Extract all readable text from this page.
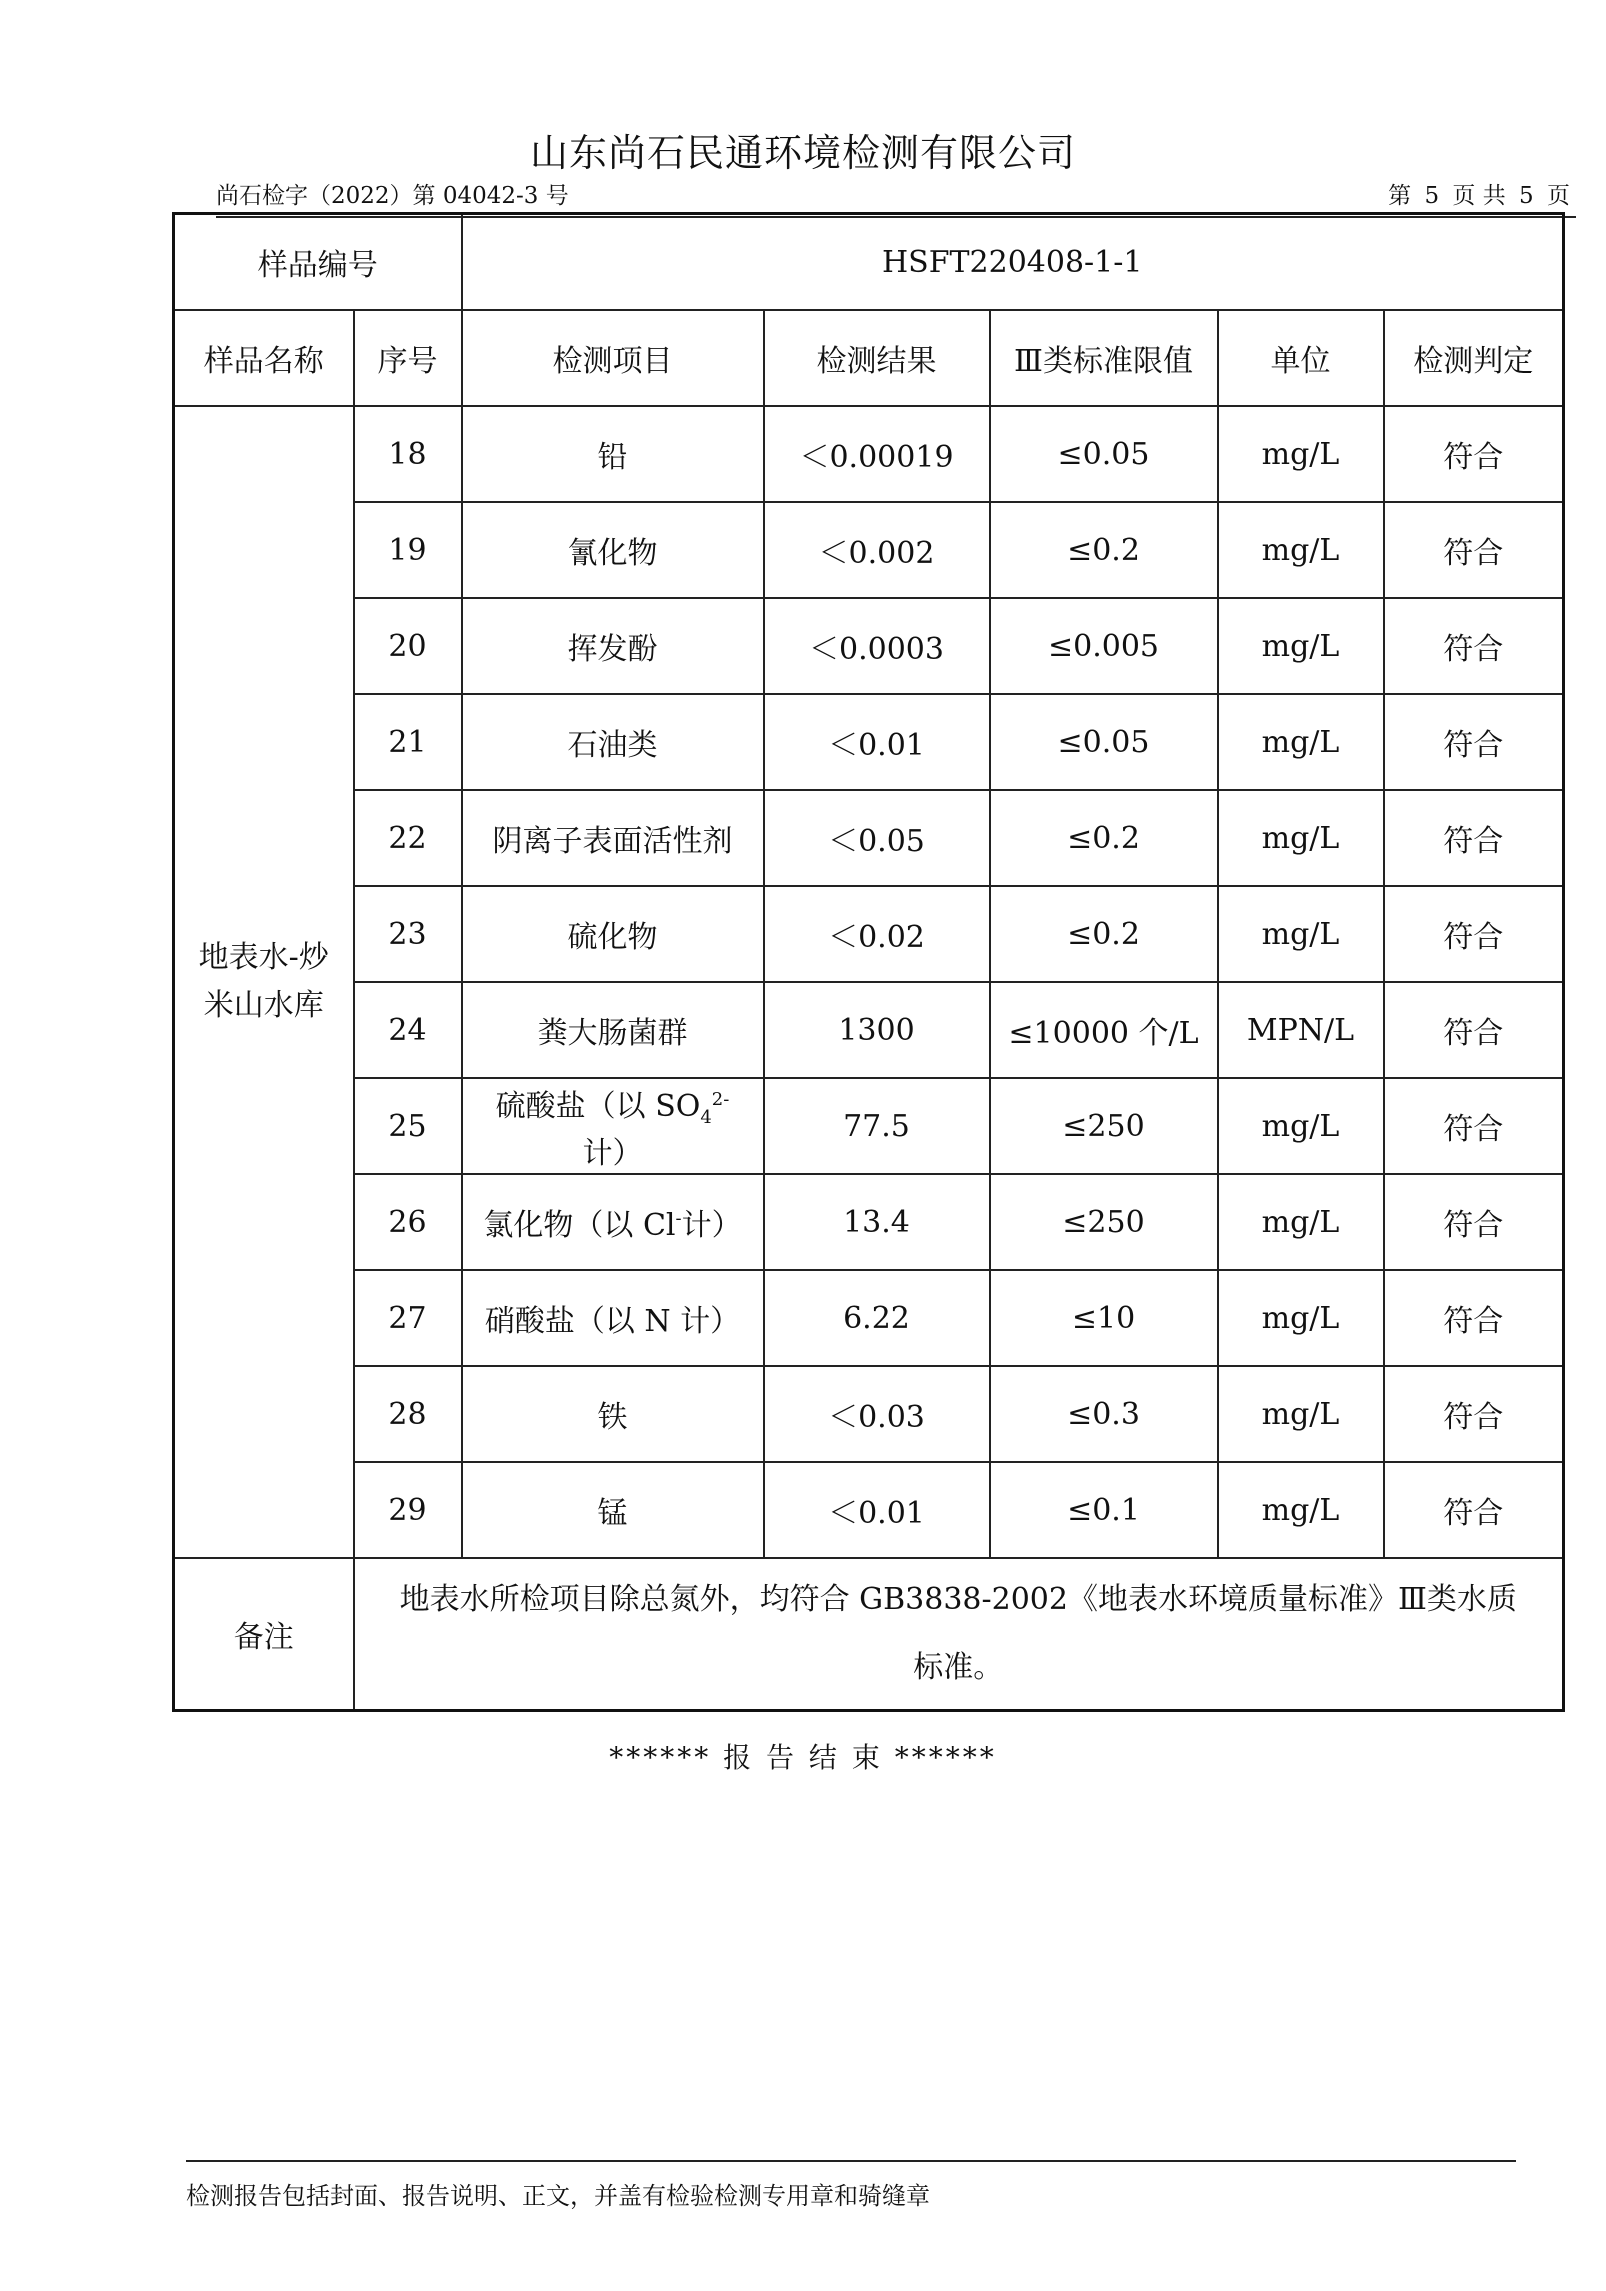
山东尚石民通环境检测有限公司
尚石检字（2022）第 04042-3 号	第 5 页 共 5 页
样品编号		HSFT220408-1-1				
样品名称	序号	检测项目	检测结果	Ⅲ类标准限值	单位	检测判定
地表水-炒
米山水库	18	铅	＜0.00019	≤0.05	mg/L	符合
	19	氰化物	＜0.002	≤0.2	mg/L	符合
	20	挥发酚	＜0.0003	≤0.005	mg/L	符合
	21	石油类	＜0.01	≤0.05	mg/L	符合
	22	阴离子表面活性剂	＜0.05	≤0.2	mg/L	符合
	23	硫化物	＜0.02	≤0.2	mg/L	符合
	24	粪大肠菌群	1300	≤10000 个/L	MPN/L	符合
	25	硫酸盐（以 $SO_4^{2-}$计）	77.5	≤250	mg/L	符合
	26	氯化物（以 Cl-计）	13.4	≤250	mg/L	符合
	27	硝酸盐（以 N 计）	6.22	≤10	mg/L	符合
	28	铁	＜0.03	≤0.3	mg/L	符合
	29	锰	＜0.01	≤0.1	mg/L	符合
备注	地表水所检项目除总氮外，均符合 GB3838-2002《地表水环境质量标准》Ⅲ类水质
标准。					
****** 报 告 结 束 ******
检测报告包括封面、报告说明、正文，并盖有检验检测专用章和骑缝章
